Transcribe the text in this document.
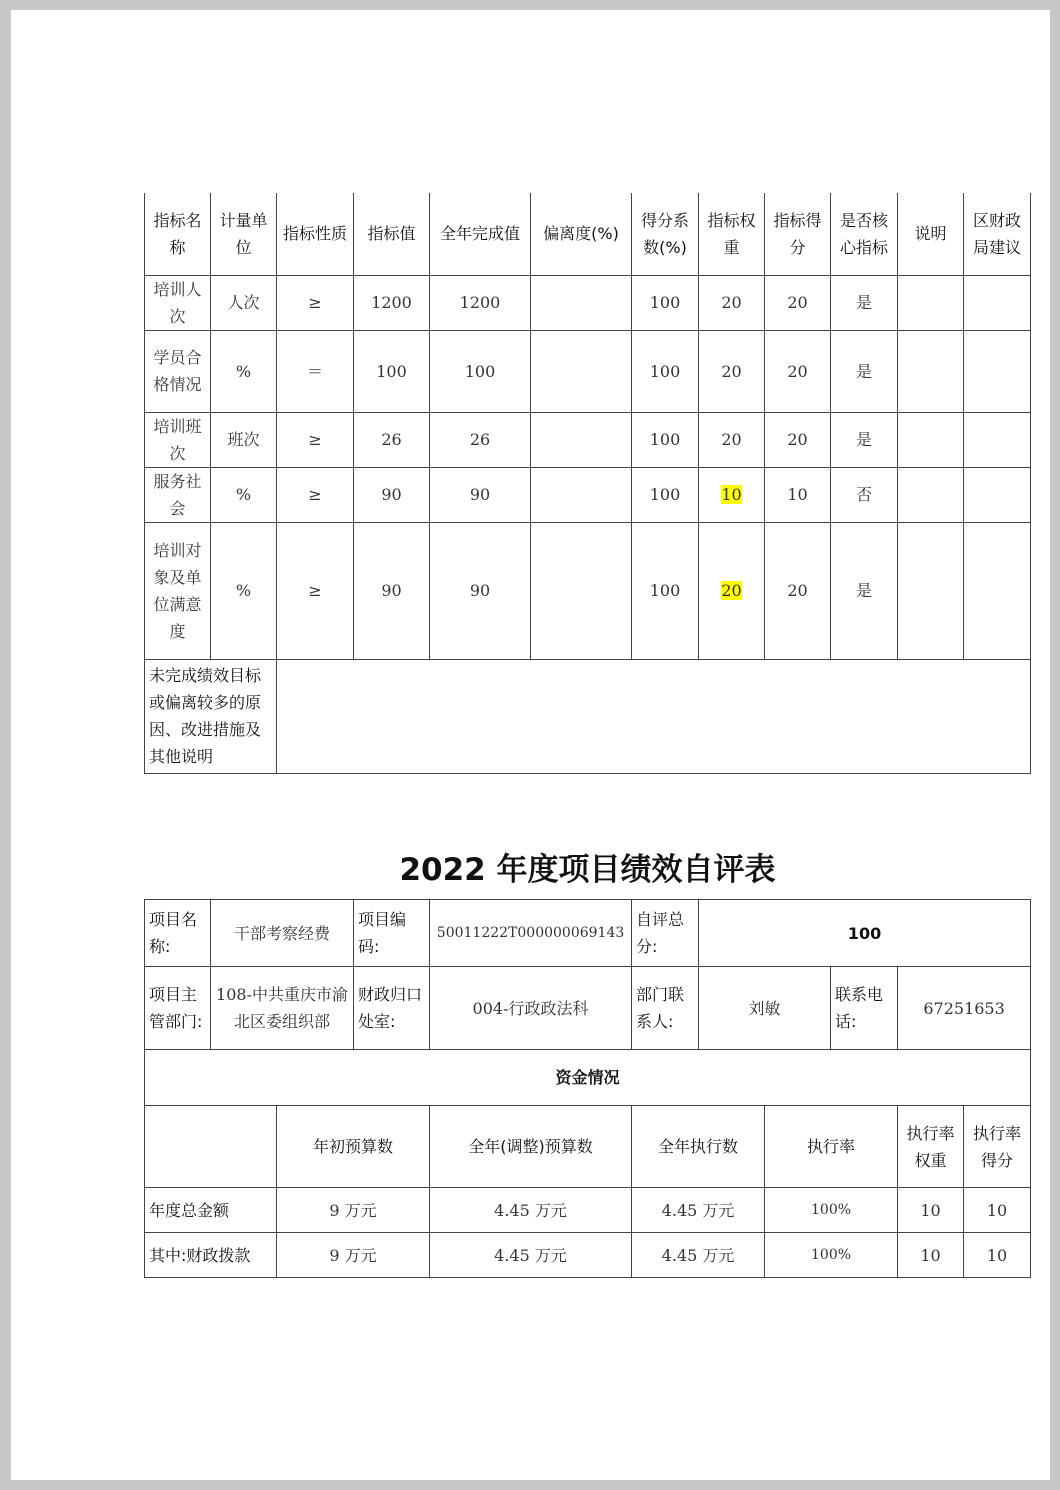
指标名称	计量单位	指标性质	指标值	全年完成值	偏离度(%)	得分系数(%)	指标权重	指标得分	是否核心指标	说明	区财政局建议
培训人次	人次	≥	1200	1200		100	20	20	是		
学员合格情况	%	＝	100	100		100	20	20	是		
培训班次	班次	≥	26	26		100	20	20	是		
服务社会	%	≥	90	90		100	10	10	否		
培训对象及单位满意度	%	≥	90	90		100	20	20	是		
未完成绩效目标或偏离较多的原因、改进措施及其他说明											
2022 年度项目绩效自评表
项目名称:	干部考察经费		项目编码:	50011222T000000069143	自评总分:	100				
项目主管部门:	108-中共重庆市渝北区委组织部		财政归口处室:	004-行政政法科	部门联系人:	刘敏		联系电话:	67251653	
资金情况										
		年初预算数		全年(调整)预算数	全年执行数		执行率		执行率权重	执行率得分
年度总金额		9 万元		4.45 万元	4.45 万元		100%		10	10
其中:财政拨款		9 万元		4.45 万元	4.45 万元		100%		10	10
